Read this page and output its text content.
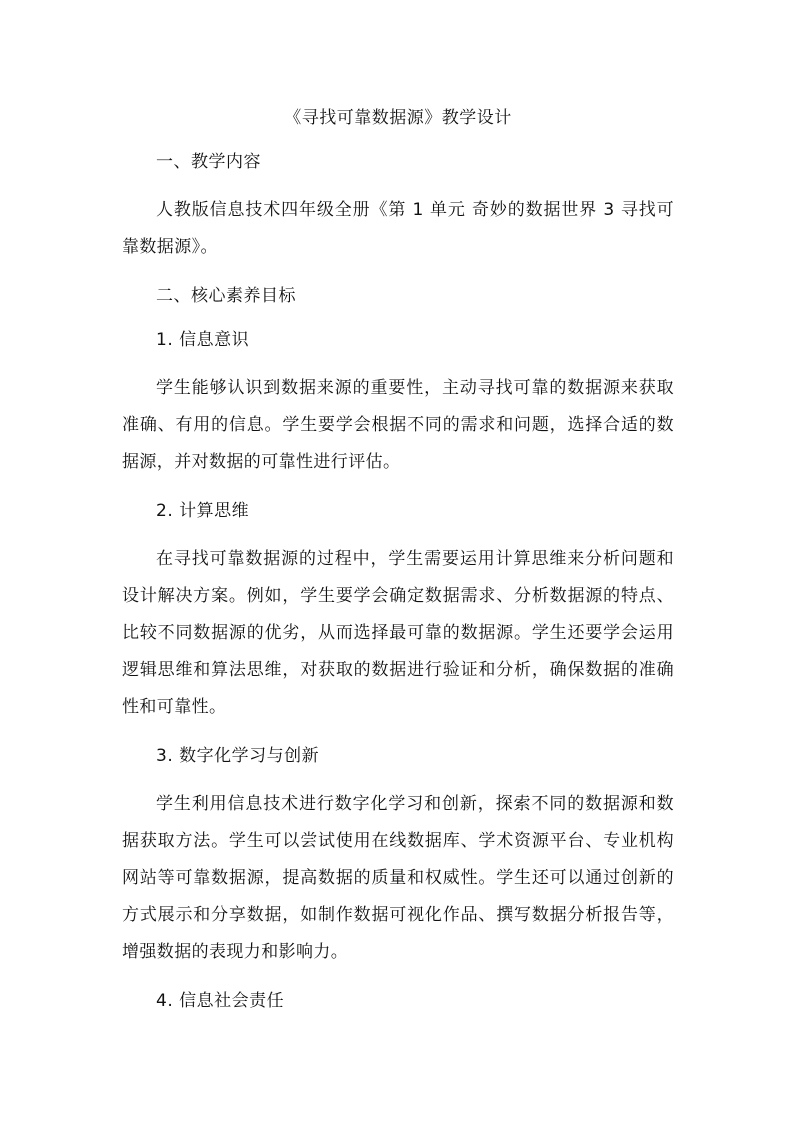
《寻找可靠数据源》教学设计
一、教学内容
人教版信息技术四年级全册《第 1 单元 奇妙的数据世界 3 寻找可靠数据源》。
二、核心素养目标
1. 信息意识
学生能够认识到数据来源的重要性，主动寻找可靠的数据源来获取准确、有用的信息。学生要学会根据不同的需求和问题，选择合适的数据源，并对数据的可靠性进行评估。
2. 计算思维
在寻找可靠数据源的过程中，学生需要运用计算思维来分析问题和设计解决方案。例如，学生要学会确定数据需求、分析数据源的特点、比较不同数据源的优劣，从而选择最可靠的数据源。学生还要学会运用逻辑思维和算法思维，对获取的数据进行验证和分析，确保数据的准确性和可靠性。
3. 数字化学习与创新
学生利用信息技术进行数字化学习和创新，探索不同的数据源和数据获取方法。学生可以尝试使用在线数据库、学术资源平台、专业机构网站等可靠数据源，提高数据的质量和权威性。学生还可以通过创新的方式展示和分享数据，如制作数据可视化作品、撰写数据分析报告等，增强数据的表现力和影响力。
4. 信息社会责任
